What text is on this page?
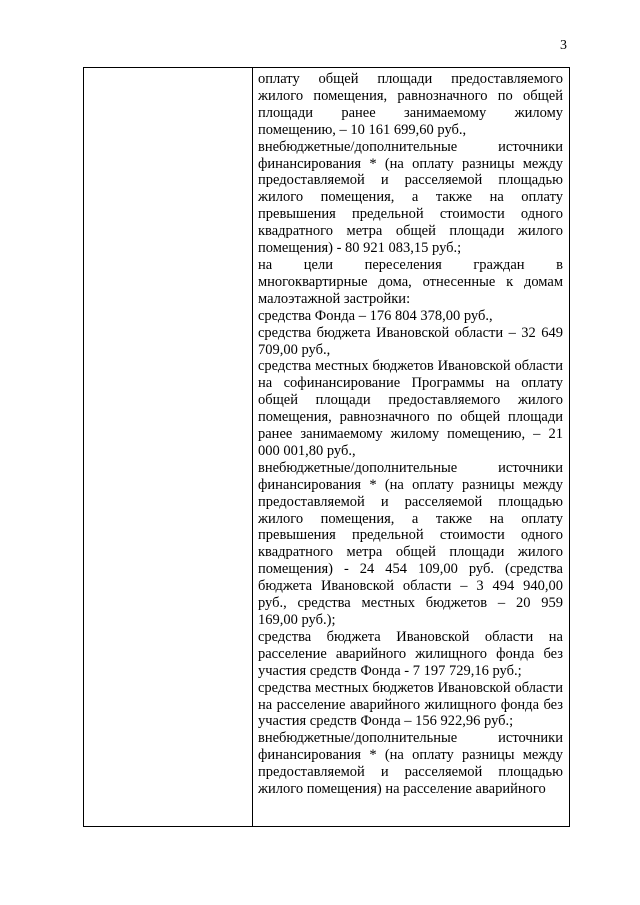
3

оплату общей площади предоставляемого жилого помещения, равнозначного по общей площади ранее занимаемому жилому помещению, – 10 161 699,60 руб.,

внебюджетные/дополнительные источники финансирования * (на оплату разницы между предоставляемой и расселяемой площадью жилого помещения, а также на оплату превышения предельной стоимости одного квадратного метра общей площади жилого помещения) - 80 921 083,15 руб.;

на цели переселения граждан в многоквартирные дома, отнесенные к домам малоэтажной застройки:

средства Фонда – 176 804 378,00 руб.,

средства бюджета Ивановской области – 32 649 709,00 руб.,

средства местных бюджетов Ивановской области на софинансирование Программы на оплату общей площади предоставляемого жилого помещения, равнозначного по общей площади ранее занимаемому жилому помещению, – 21 000 001,80 руб.,

внебюджетные/дополнительные источники финансирования * (на оплату разницы между предоставляемой и расселяемой площадью жилого помещения, а также на оплату превышения предельной стоимости одного квадратного метра общей площади жилого помещения) - 24 454 109,00 руб. (средства бюджета Ивановской области – 3 494 940,00 руб., средства местных бюджетов – 20 959 169,00 руб.);

средства бюджета Ивановской области на расселение аварийного жилищного фонда без участия средств Фонда - 7 197 729,16 руб.;

средства местных бюджетов Ивановской области на расселение аварийного жилищного фонда без участия средств Фонда – 156 922,96 руб.;

внебюджетные/дополнительные источники финансирования * (на оплату разницы между предоставляемой и расселяемой площадью жилого помещения) на расселение аварийного
